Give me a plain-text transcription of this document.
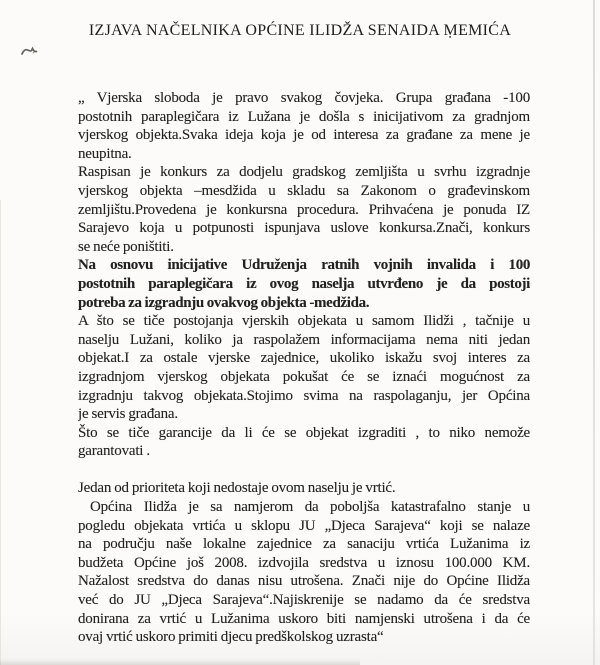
IZJAVA NAČELNIKA OPĆINE ILIDŽA SENAIDA ṂEMIĆA
„ Vjerska sloboda je pravo svakog čovjeka. Grupa građana -100
postotnih paraplegičara iz Lužana je došla s inicijativom za gradnjom
vjerskog objekta.Svaka ideja koja je od interesa za građane za mene je
neupitna.
Raspisan je konkurs za dodjelu gradskog zemljišta u svrhu izgradnje
vjerskog objekta –mesdžida u skladu sa Zakonom o građevinskom
zemljištu.Provedena je konkursna procedura. Prihvaćena je ponuda IZ
Sarajevo koja u potpunosti ispunjava uslove konkursa.Znači, konkurs
se neće poništiti.
Na osnovu inicijative Udruženja ratnih vojnih invalida i 100
postotnih paraplegičara iz ovog naselja utvrđeno je da postoji
potreba za izgradnju ovakvog objekta -medžida.
A što se tiče postojanja vjerskih objekata u samom Ilidži , tačnije u
naselju Lužani, koliko ja raspolažem informacijama nema niti jedan
objekat.I za ostale vjerske zajednice, ukoliko iskažu svoj interes za
izgradnjom vjerskog objekata pokušat će se iznaći mogućnost za
izgradnju takvog objekata.Stojimo svima na raspolaganju, jer Općina
je servis građana.
Što se tiče garancije da li će se objekat izgraditi , to niko nemože
garantovati .
Jedan od prioriteta koji nedostaje ovom naselju je vrtić.
Općina Ilidža je sa namjerom da poboljša katastrafalno stanje u
pogledu objekata vrtića u sklopu JU „Djeca Sarajeva“ koji se nalaze
na području naše lokalne zajednice za sanaciju vrtića Lužanima iz
budžeta Općine još 2008. izdvojila sredstva u iznosu 100.000 KM.
Nažalost sredstva do danas nisu utrošena. Znači nije do Općine Ilidža
već do JU „Djeca Sarajeva“.Najiskrenije se nadamo da će sredstva
donirana za vrtić u Lužanima uskoro biti namjenski utrošena i da će
ovaj vrtić uskoro primiti djecu predškolskog uzrasta“
